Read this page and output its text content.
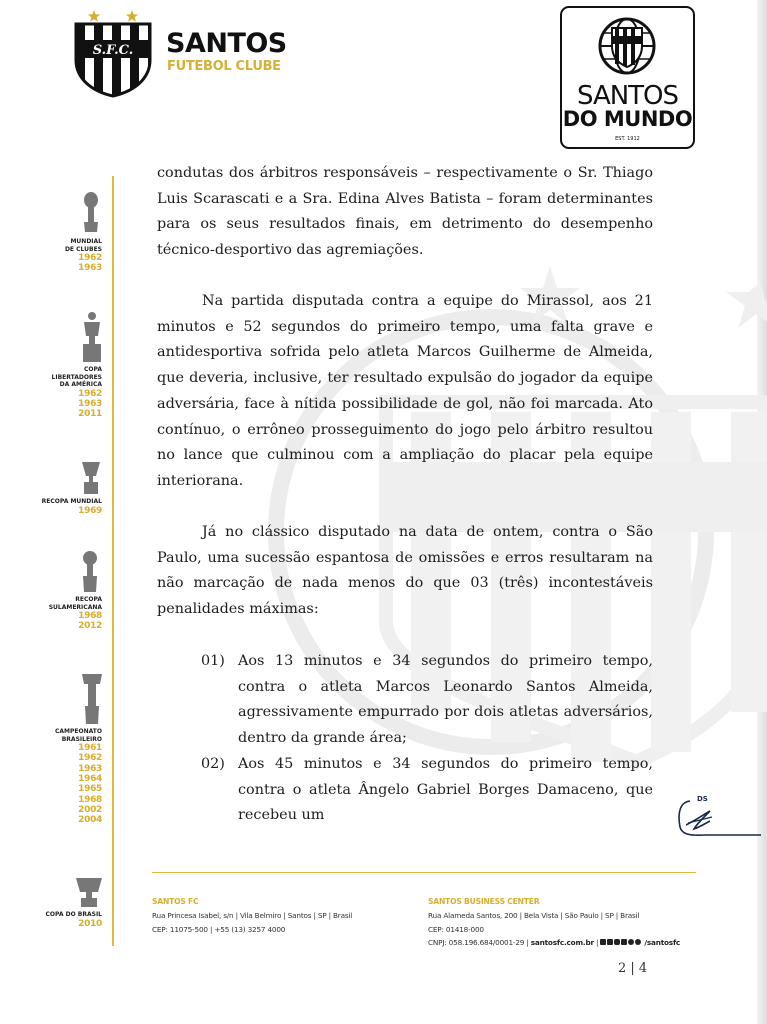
S.F.C. SANTOS
FUTEBOL CLUBE
SANTOS
DO MUNDO
EST. 1912
MUNDIAL
DE CLUBES
1962
1963
COPA
LIBERTADORES
DA AMÉRICA
1962
1963
2011
RECOPA MUNDIAL
1969
RECOPA
SULAMERICANA
1968
2012
CAMPEONATO
BRASILEIRO
1961
1962
1963
1964
1965
1968
2002
2004
COPA DO BRASIL
2010

condutas dos árbitros responsáveis – respectivamente o Sr. Thiago Luis Scarascati e a Sra. Edina Alves Batista – foram determinantes para os seus resultados finais, em detrimento do desempenho técnico-desportivo das agremiações.

Na partida disputada contra a equipe do Mirassol, aos 21 minutos e 52 segundos do primeiro tempo, uma falta grave e antidesportiva sofrida pelo atleta Marcos Guilherme de Almeida, que deveria, inclusive, ter resultado expulsão do jogador da equipe adversária, face à nítida possibilidade de gol, não foi marcada. Ato contínuo, o errôneo prosseguimento do jogo pelo árbitro resultou no lance que culminou com a ampliação do placar pela equipe interiorana.

Já no clássico disputado na data de ontem, contra o São Paulo, uma sucessão espantosa de omissões e erros resultaram na não marcação de nada menos do que 03 (três) incontestáveis penalidades máximas:

01) Aos 13 minutos e 34 segundos do primeiro tempo, contra o atleta Marcos Leonardo Santos Almeida, agressivamente empurrado por dois atletas adversários, dentro da grande área;
02) Aos 45 minutos e 34 segundos do primeiro tempo, contra o atleta Ângelo Gabriel Borges Damaceno, que recebeu um
DS
SANTOS FC
Rua Princesa Isabel, s/n | Vila Belmiro | Santos | SP | Brasil
CEP: 11075-500 | +55 (13) 3257 4000
SANTOS BUSINESS CENTER
Rua Alameda Santos, 200 | Bela Vista | São Paulo | SP | Brasil
CEP: 01418-000
CNPJ: 058.196.684/0001-29 | santosfc.com.br |	/santosfc
2 | 4
